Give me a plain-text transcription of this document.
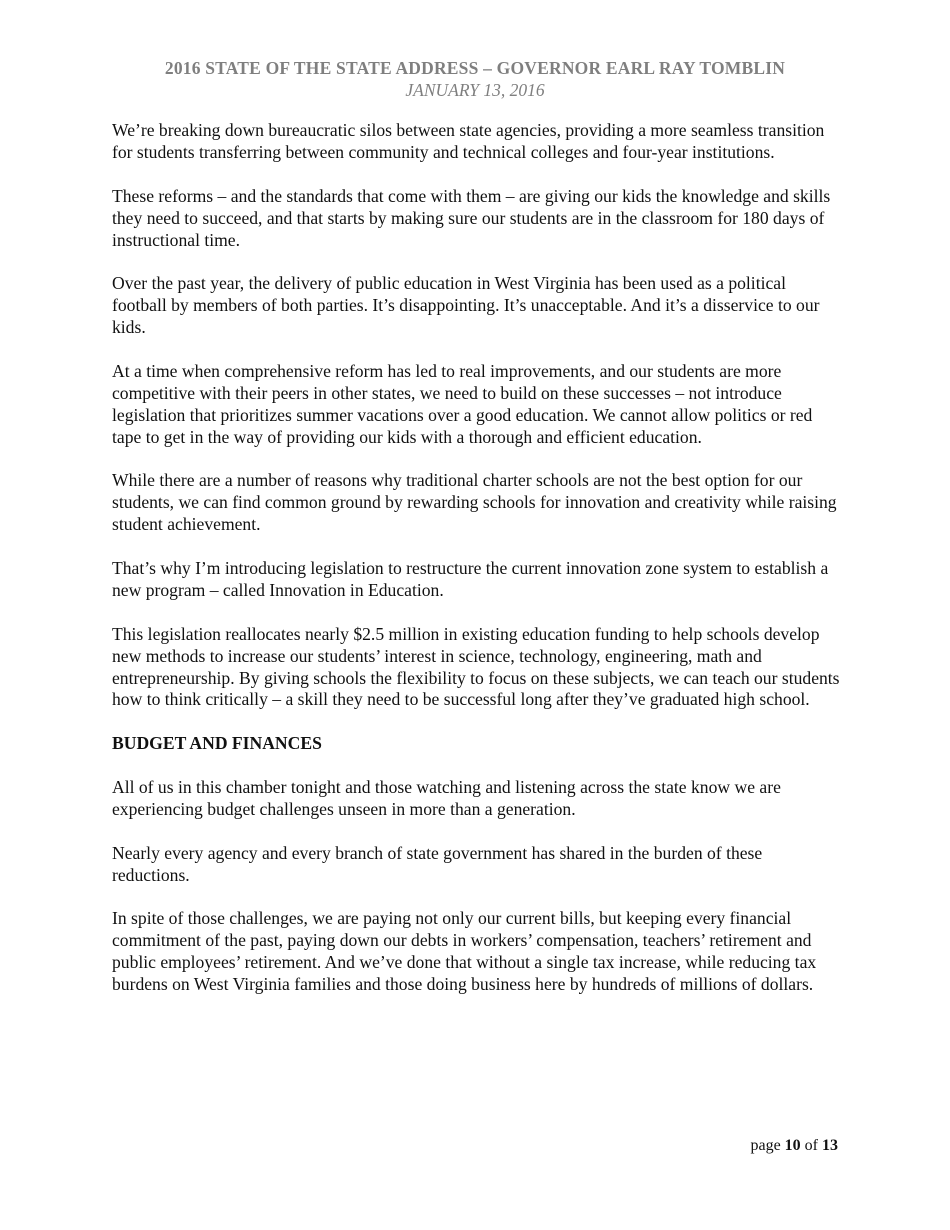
2016 STATE OF THE STATE ADDRESS – GOVERNOR EARL RAY TOMBLIN

JANUARY 13, 2016

We’re breaking down bureaucratic silos between state agencies, providing a more seamless transition for students transferring between community and technical colleges and four-year institutions.

These reforms – and the standards that come with them – are giving our kids the knowledge and skills they need to succeed, and that starts by making sure our students are in the classroom for 180 days of instructional time.

Over the past year, the delivery of public education in West Virginia has been used as a political football by members of both parties. It’s disappointing. It’s unacceptable. And it’s a disservice to our kids.

At a time when comprehensive reform has led to real improvements, and our students are more competitive with their peers in other states, we need to build on these successes – not introduce legislation that prioritizes summer vacations over a good education. We cannot allow politics or red tape to get in the way of providing our kids with a thorough and efficient education.

While there are a number of reasons why traditional charter schools are not the best option for our students, we can find common ground by rewarding schools for innovation and creativity while raising student achievement.

That’s why I’m introducing legislation to restructure the current innovation zone system to establish a new program – called Innovation in Education.

This legislation reallocates nearly $2.5 million in existing education funding to help schools develop new methods to increase our students’ interest in science, technology, engineering, math and entrepreneurship. By giving schools the flexibility to focus on these subjects, we can teach our students how to think critically – a skill they need to be successful long after they’ve graduated high school.

BUDGET AND FINANCES

All of us in this chamber tonight and those watching and listening across the state know we are experiencing budget challenges unseen in more than a generation.

Nearly every agency and every branch of state government has shared in the burden of these reductions.

In spite of those challenges, we are paying not only our current bills, but keeping every financial commitment of the past, paying down our debts in workers’ compensation, teachers’ retirement and public employees’ retirement. And we’ve done that without a single tax increase, while reducing tax burdens on West Virginia families and those doing business here by hundreds of millions of dollars.

page 10 of 13
